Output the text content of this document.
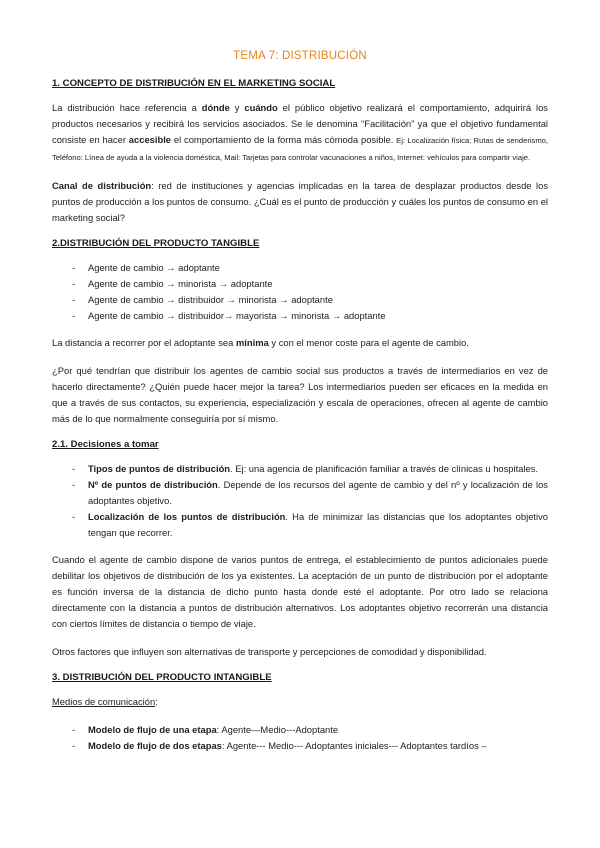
TEMA 7: DISTRIBUCIÓN
1. CONCEPTO DE DISTRIBUCIÓN EN EL MARKETING SOCIAL

La distribución hace referencia a dónde y cuándo el público objetivo realizará el comportamiento, adquirirá los productos necesarios y recibirá los servicios asociados. Se le denomina “Facilitación” ya que el objetivo fundamental consiste en hacer accesible el comportamiento de la forma más cómoda posible. Ej: Localización física: Rutas de senderismo, Teléfono: Línea de ayuda a la violencia doméstica, Mail: Tarjetas para controlar vacunaciones a niños, Internet: vehículos para compartir viaje.

Canal de distribución: red de instituciones y agencias implicadas en la tarea de desplazar productos desde los puntos de producción a los puntos de consumo. ¿Cuál es el punto de producción y cuáles los puntos de consumo en el marketing social?

2.DISTRIBUCIÓN DEL PRODUCTO TANGIBLE
- Agente de cambio → adoptante
- Agente de cambio → minorista → adoptante
- Agente de cambio → distribuidor → minorista → adoptante
- Agente de cambio → distribuidor→ mayorista → minorista → adoptante

La distancia a recorrer por el adoptante sea mínima y con el menor coste para el agente de cambio.

¿Por qué tendrían que distribuir los agentes de cambio social sus productos a través de intermediarios en vez de hacerlo directamente? ¿Quién puede hacer mejor la tarea? Los intermediarios pueden ser eficaces en la medida en que a través de sus contactos, su experiencia, especialización y escala de operaciones, ofrecen al agente de cambio más de lo que normalmente conseguiría por sí mismo.

2.1. Decisiones a tomar
- Tipos de puntos de distribución. Ej: una agencia de planificación familiar a través de clínicas u hospitales.
- Nº de puntos de distribución. Depende de los recursos del agente de cambio y del nº y localización de los adoptantes objetivo.
- Localización de los puntos de distribución. Ha de minimizar las distancias que los adoptantes objetivo tengan que recorrer.

Cuando el agente de cambio dispone de varios puntos de entrega, el establecimiento de puntos adicionales puede debilitar los objetivos de distribución de los ya existentes. La aceptación de un punto de distribución por el adoptante es función inversa de la distancia de dicho punto hasta donde esté el adoptante. Por otro lado se relaciona directamente con la distancia a puntos de distribución alternativos. Los adoptantes objetivo recorrerán una distancia con ciertos límites de distancia o tiempo de viaje.

Otros factores que influyen son alternativas de transporte y percepciones de comodidad y disponibilidad.

3. DISTRIBUCIÓN DEL PRODUCTO INTANGIBLE

Medios de comunicación:

- Modelo de flujo de una etapa: Agente—Medio---Adoptante
- Modelo de flujo de dos etapas: Agente--- Medio--- Adoptantes iniciales--- Adoptantes tardíos –
